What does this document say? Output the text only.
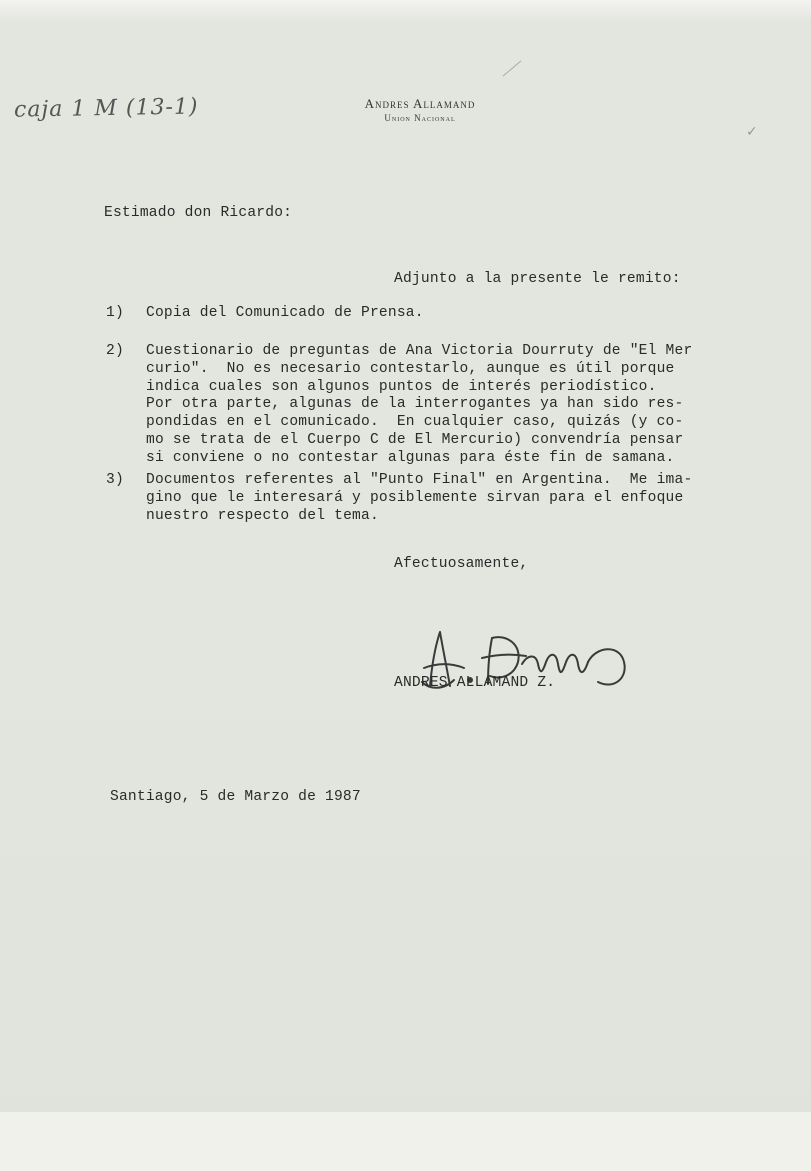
caja 1 M (13-1)
✓
Andres Allamand
Union Nacional
Estimado don Ricardo:
Adjunto a la presente le remito:
1) Copia del Comunicado de Prensa.
2) Cuestionario de preguntas de Ana Victoria Dourruty de "El Mer
curio".  No es necesario contestarlo, aunque es útil porque
indica cuales son algunos puntos de interés periodístico.
Por otra parte, algunas de la interrogantes ya han sido res-
pondidas en el comunicado.  En cualquier caso, quizás (y co-
mo se trata de el Cuerpo C de El Mercurio) convendría pensar
si conviene o no contestar algunas para éste fin de samana.
3) Documentos referentes al "Punto Final" en Argentina.  Me ima-
gino que le interesará y posiblemente sirvan para el enfoque
nuestro respecto del tema.
Afectuosamente,
ANDRES ALLAMAND Z.
Santiago, 5 de Marzo de 1987
